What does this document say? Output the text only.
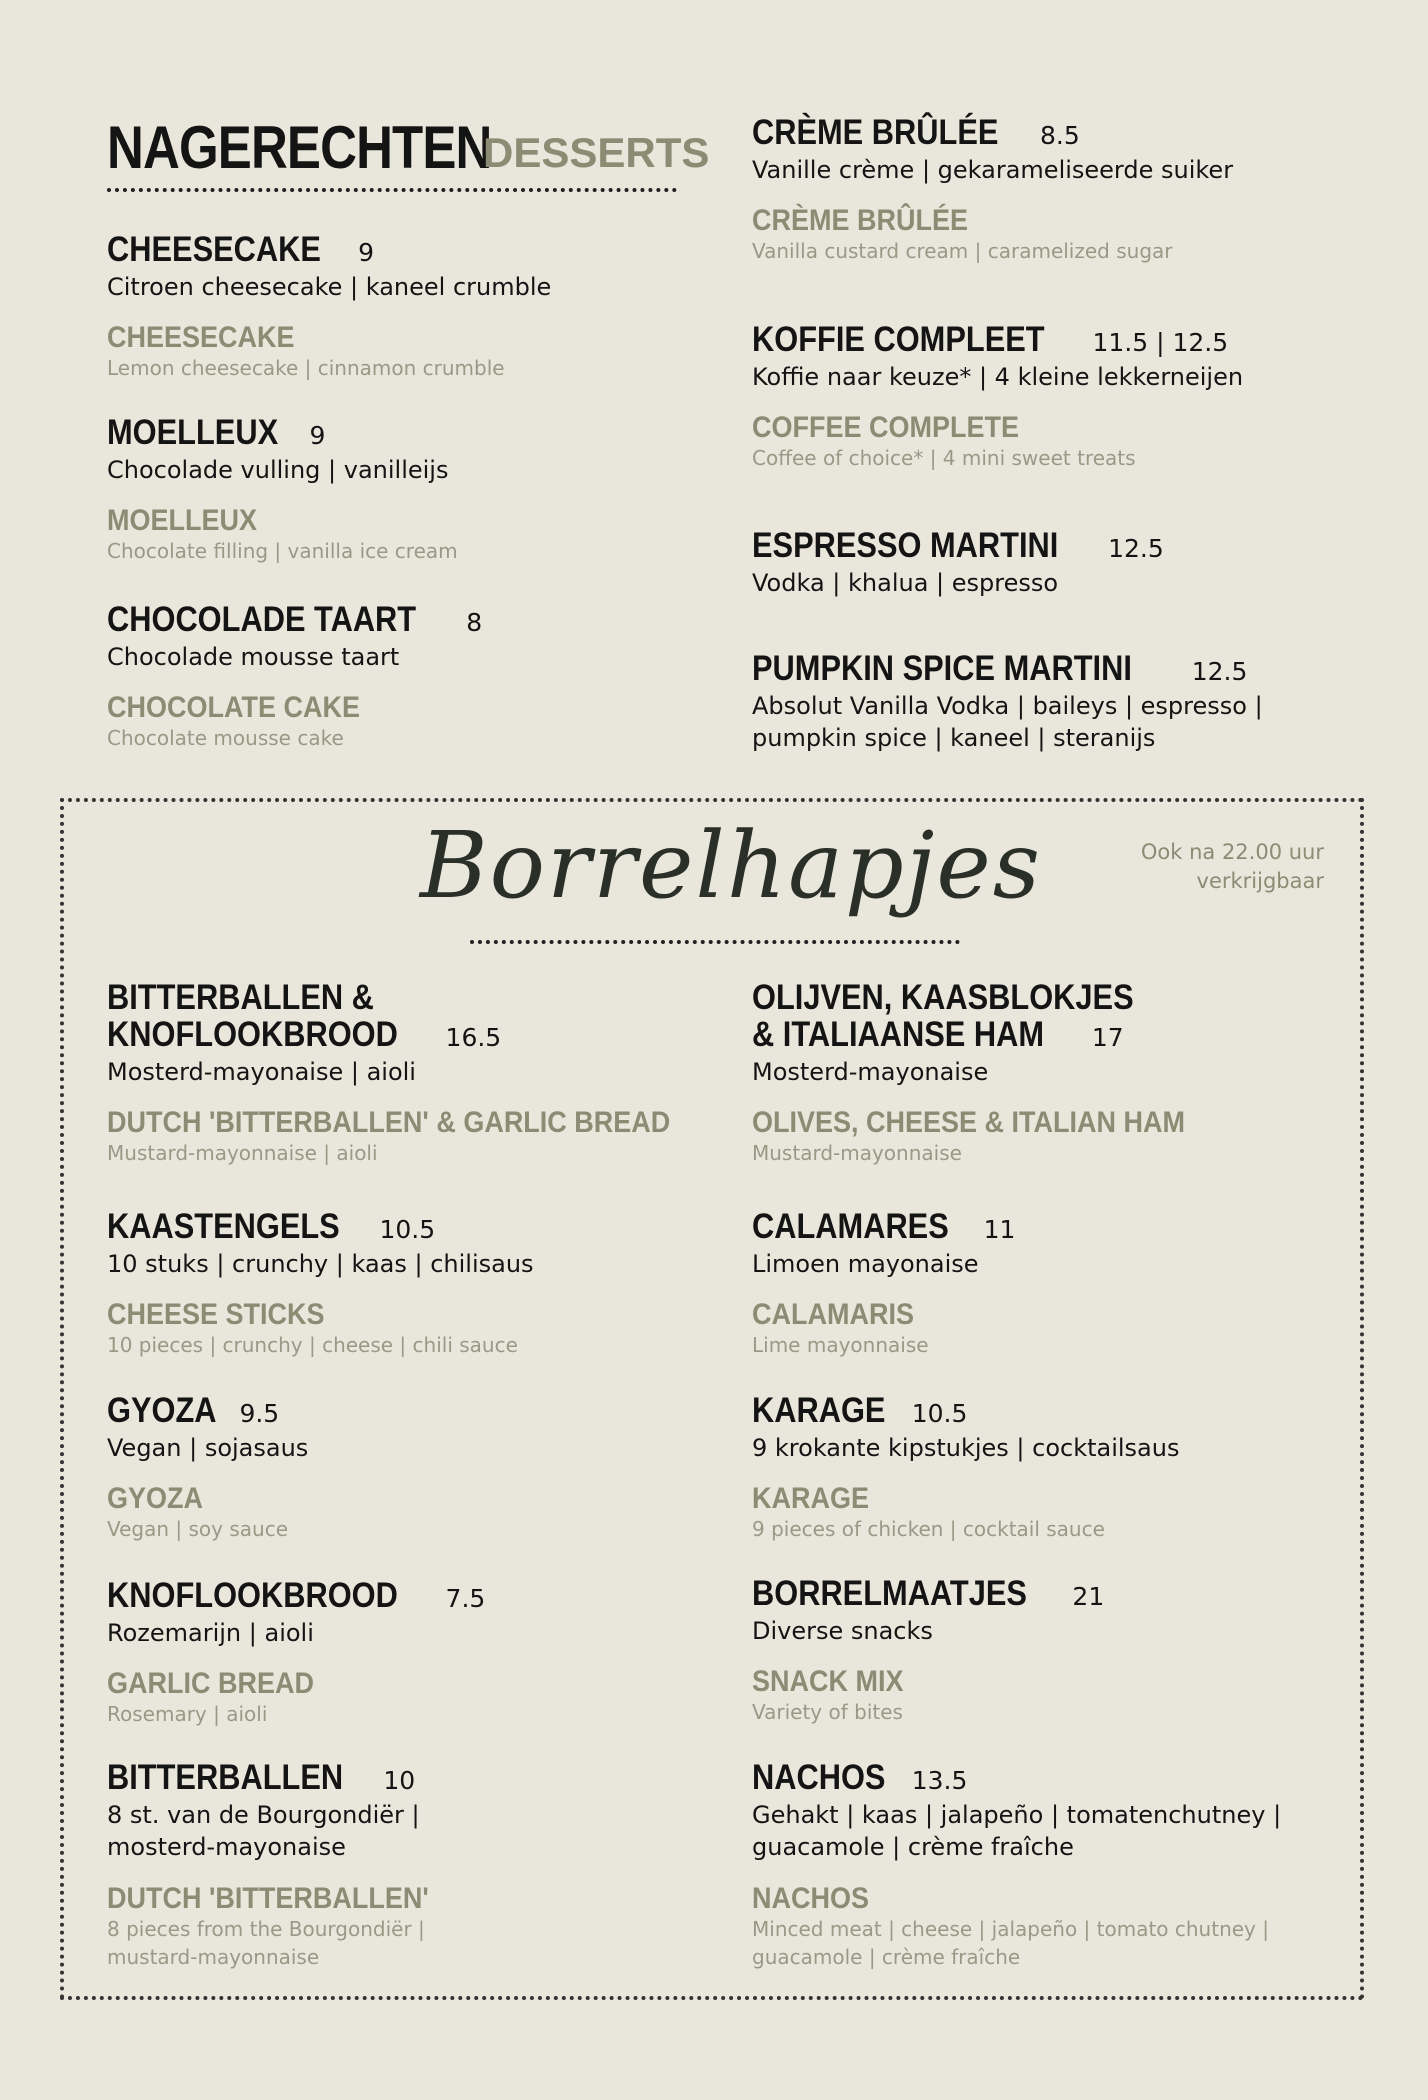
NAGERECHTEN
DESSERTS
CHEESECAKE 9
Citroen cheesecake | kaneel crumble
CHEESECAKE
Lemon cheesecake | cinnamon crumble
MOELLEUX 9
Chocolade vulling | vanilleijs
MOELLEUX
Chocolate filling | vanilla ice cream
CHOCOLADE TAART 8
Chocolade mousse taart
CHOCOLATE CAKE
Chocolate mousse cake
CRÈME BRÛLÉE 8.5
Vanille crème | gekarameliseerde suiker
CRÈME BRÛLÉE
Vanilla custard cream | caramelized sugar
KOFFIE COMPLEET 11.5 | 12.5
Koffie naar keuze* | 4 kleine lekkerneijen
COFFEE COMPLETE
Coffee of choice* | 4 mini sweet treats
ESPRESSO MARTINI 12.5
Vodka | khalua | espresso
PUMPKIN SPICE MARTINI 12.5
Absolut Vanilla Vodka | baileys | espresso |
pumpkin spice | kaneel | steranijs
Borrelhapjes	Ook na 22.00 uur
verkrijgbaar
BITTERBALLEN &
KNOFLOOKBROOD 16.5
Mosterd-mayonaise | aioli
DUTCH 'BITTERBALLEN' & GARLIC BREAD
Mustard-mayonnaise | aioli
KAASTENGELS 10.5
10 stuks | crunchy | kaas | chilisaus
CHEESE STICKS
10 pieces | crunchy | cheese | chili sauce
GYOZA 9.5
Vegan | sojasaus
GYOZA
Vegan | soy sauce
KNOFLOOKBROOD 7.5
Rozemarijn | aioli
GARLIC BREAD
Rosemary | aioli
BITTERBALLEN 10
8 st. van de Bourgondiër |
mosterd-mayonaise
DUTCH 'BITTERBALLEN'
8 pieces from the Bourgondiër |
mustard-mayonnaise
OLIJVEN, KAASBLOKJES
& ITALIAANSE HAM 17
Mosterd-mayonaise
OLIVES, CHEESE & ITALIAN HAM
Mustard-mayonnaise
CALAMARES 11
Limoen mayonaise
CALAMARIS
Lime mayonnaise
KARAGE 10.5
9 krokante kipstukjes | cocktailsaus
KARAGE
9 pieces of chicken | cocktail sauce
BORRELMAATJES 21
Diverse snacks
SNACK MIX
Variety of bites
NACHOS 13.5
Gehakt | kaas | jalapeño | tomatenchutney |
guacamole | crème fraîche
NACHOS
Minced meat | cheese | jalapeño | tomato chutney |
guacamole | crème fraîche
